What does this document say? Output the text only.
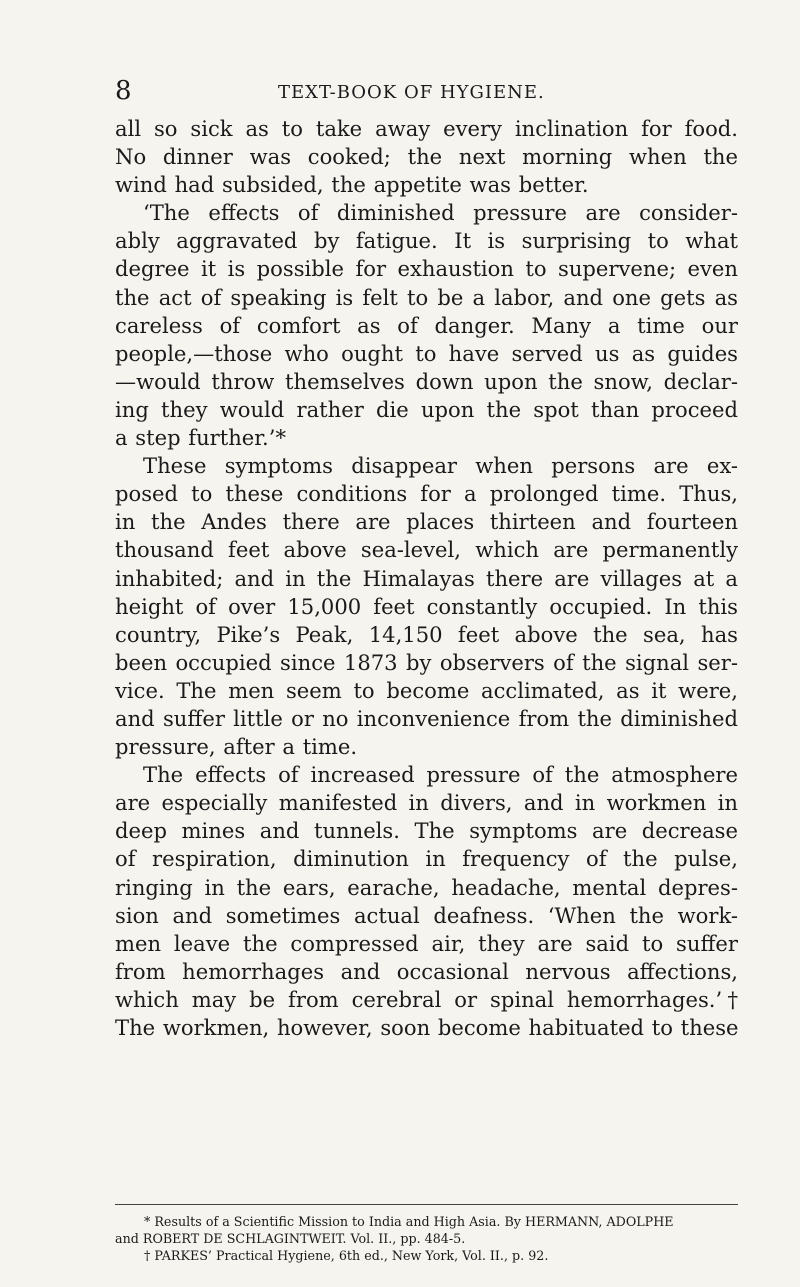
8	TEXT-BOOK OF HYGIENE.
all so sick as to take away every inclination for food.
No dinner was cooked; the next morning when the
wind had subsided, the appetite was better.
‘The effects of diminished pressure are consider-
ably aggravated by fatigue. It is surprising to what
degree it is possible for exhaustion to supervene; even
the act of speaking is felt to be a labor, and one gets as
careless of comfort as of danger. Many a time our
people,—those who ought to have served us as guides
—would throw themselves down upon the snow, declar-
ing they would rather die upon the spot than proceed
a step further.’*
These symptoms disappear when persons are ex-
posed to these conditions for a prolonged time. Thus,
in the Andes there are places thirteen and fourteen
thousand feet above sea-level, which are permanently
inhabited; and in the Himalayas there are villages at a
height of over 15,000 feet constantly occupied. In this
country, Pike’s Peak, 14,150 feet above the sea, has
been occupied since 1873 by observers of the signal ser-
vice. The men seem to become acclimated, as it were,
and suffer little or no inconvenience from the diminished
pressure, after a time.
The effects of increased pressure of the atmosphere
are especially manifested in divers, and in workmen in
deep mines and tunnels. The symptoms are decrease
of respiration, diminution in frequency of the pulse,
ringing in the ears, earache, headache, mental depres-
sion and sometimes actual deafness. ‘When the work-
men leave the compressed air, they are said to suffer
from hemorrhages and occasional nervous affections,
which may be from cerebral or spinal hemorrhages.’†
The workmen, however, soon become habituated to these
* Results of a Scientific Mission to India and High Asia. By HERMANN, ADOLPHE
and ROBERT DE SCHLAGINTWEIT. Vol. II., pp. 484-5.
† PARKES’ Practical Hygiene, 6th ed., New York, Vol. II., p. 92.
